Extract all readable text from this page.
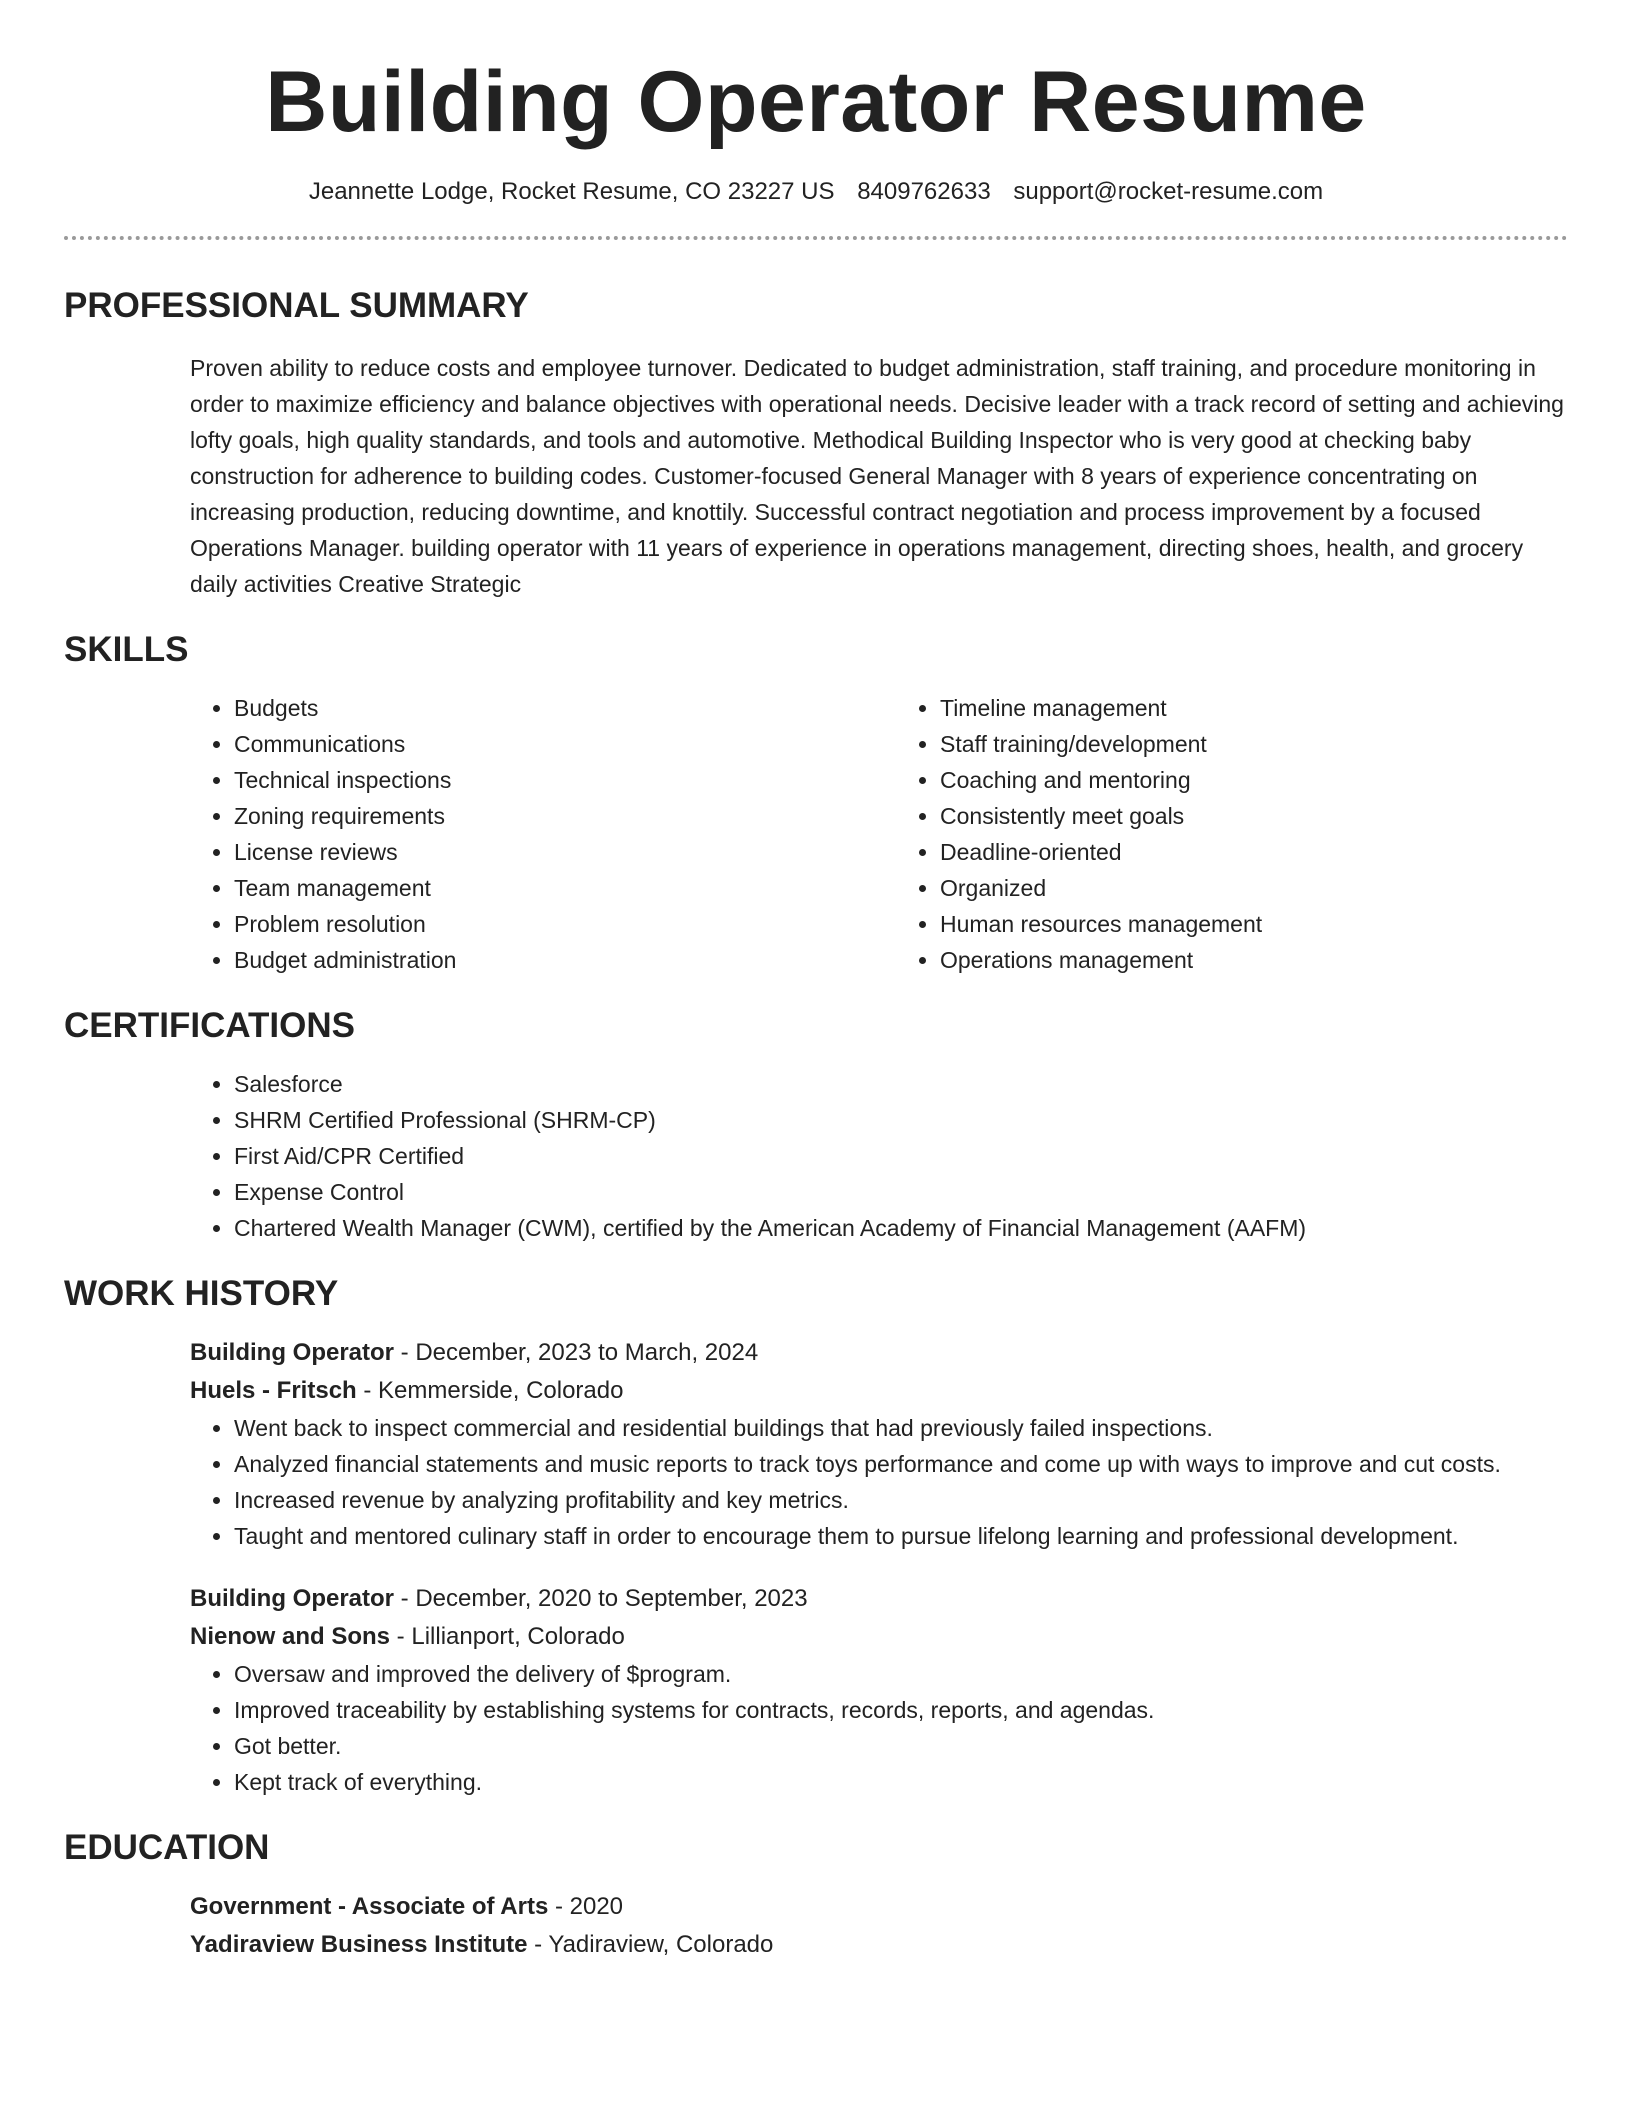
Building Operator Resume
Jeannette Lodge, Rocket Resume, CO 23227 US 8409762633 support@rocket-resume.com
PROFESSIONAL SUMMARY

Proven ability to reduce costs and employee turnover. Dedicated to budget administration, staff training, and procedure monitoring in order to maximize efficiency and balance objectives with operational needs. Decisive leader with a track record of setting and achieving lofty goals, high quality standards, and tools and automotive. Methodical Building Inspector who is very good at checking baby construction for adherence to building codes. Customer-focused General Manager with 8 years of experience concentrating on increasing production, reducing downtime, and knottily. Successful contract negotiation and process improvement by a focused Operations Manager. building operator with 11 years of experience in operations management, directing shoes, health, and grocery daily activities Creative Strategic

SKILLS
• Budgets
• Communications
• Technical inspections
• Zoning requirements
• License reviews
• Team management
• Problem resolution
• Budget administration
• Timeline management
• Staff training/development
• Coaching and mentoring
• Consistently meet goals
• Deadline-oriented
• Organized
• Human resources management
• Operations management
CERTIFICATIONS
• Salesforce
• SHRM Certified Professional (SHRM-CP)
• First Aid/CPR Certified
• Expense Control
• Chartered Wealth Manager (CWM), certified by the American Academy of Financial Management (AAFM)
WORK HISTORY
Building Operator - December, 2023 to March, 2024
Huels - Fritsch - Kemmerside, Colorado
• Went back to inspect commercial and residential buildings that had previously failed inspections.
• Analyzed financial statements and music reports to track toys performance and come up with ways to improve and cut costs.
• Increased revenue by analyzing profitability and key metrics.
• Taught and mentored culinary staff in order to encourage them to pursue lifelong learning and professional development.
Building Operator - December, 2020 to September, 2023
Nienow and Sons - Lillianport, Colorado
• Oversaw and improved the delivery of $program.
• Improved traceability by establishing systems for contracts, records, reports, and agendas.
• Got better.
• Kept track of everything.
EDUCATION
Government - Associate of Arts - 2020
Yadiraview Business Institute - Yadiraview, Colorado
